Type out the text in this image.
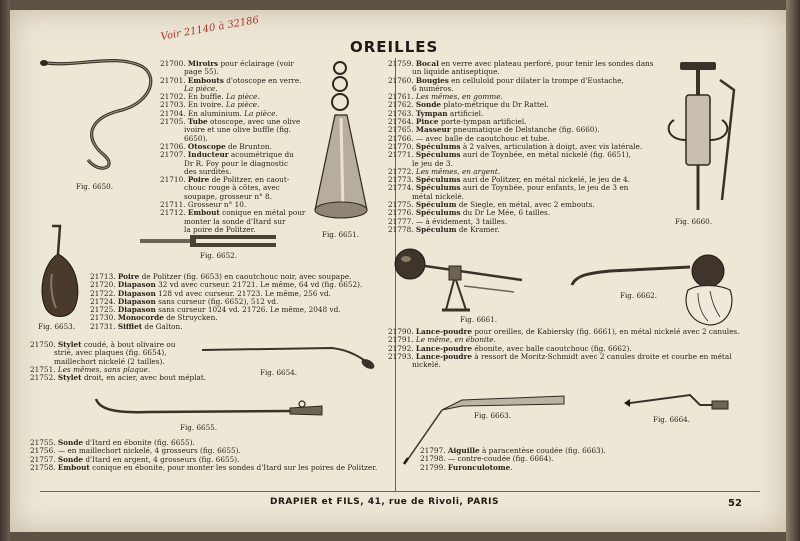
OREILLES
Voir 21140 à 32186
21700. Miroirs pour éclairage (voir
page 55).
21701. Embouts d'otoscope en verre.
La pièce.
21702. En buffle. La pièce.
21703. En ivoire. La pièce.
21704. En aluminium. La pièce.
21705. Tube otoscope, avec une olive
ivoire et une olive buffle (fig.
6650).
21706. Otoscope de Brunton.
21707. Inducteur acoumétrique du
Dr R. Foy pour le diagnostic
des surdités.
21710. Poire de Politzer, en caout-
chouc rouge à côtes, avec
soupape, grosseur n° 8.
21711. Grosseur n° 10.
21712. Embout conique en métal pour
monter la sonde d'Itard sur
la poire de Politzer.
21713. Poire de Politzer (fig. 6653) en caoutchouc noir, avec soupape.
21720. Diapason 32 vd avec curseur. 21721. Le même, 64 vd (fig. 6652).
21722. Diapason 128 vd avec curseur. 21723. Le même, 256 vd.
21724. Diapason sans curseur (fig. 6652), 512 vd.
21725. Diapason sans curseur 1024 vd. 21726. Le même, 2048 vd.
21730. Monocorde de Struycken.
21731. Sifflet de Galton.
21750. Stylet coudé, à bout olivaire ou
strié, avec plaques (fig. 6654),
maillechort nickelé (2 tailles).
21751. Les mêmes, sans plaque.
21752. Stylet droit, en acier, avec bout méplat.
21755. Sonde d'Itard en ébonite (fig. 6655).
21756. — en maillechort nickelé, 4 grosseurs (fig. 6655).
21757. Sonde d'Itard en argent, 4 grosseurs (fig. 6655).
21758. Embout conique en ébonite, pour monter les sondes d'Itard sur les poires de Politzer.
21759. Bocal en verre avec plateau perforé, pour tenir les sondes dans
un liquide antiseptique.
21760. Bougies en celluloïd pour dilater la trompe d'Eustache,
6 numéros.
21761. Les mêmes, en gomme.
21762. Sonde plato-métrique du Dr Rattel.
21763. Tympan artificiel.
21764. Pince porte-tympan artificiel.
21765. Masseur pneumatique de Delstanche (fig. 6660).
21766. — avec balle de caoutchouc et tube.
21770. Spéculums à 2 valves, articulation à doigt, avec vis latérale.
21771. Spéculums auri de Toynbée, en métal nickelé (fig. 6651),
le jeu de 3.
21772. Les mêmes, en argent.
21773. Spéculums auri de Politzer, en métal nickelé, le jeu de 4.
21774. Spéculums auri de Toynbée, pour enfants, le jeu de 3 en
métal nickelé.
21775. Spéculum de Siegle, en métal, avec 2 embouts.
21776. Spéculums du Dr Le Mée, 6 tailles.
21777. — à évidement, 3 tailles.
21778. Spéculum de Kramer.
21790. Lance-poudre pour oreilles, de Kabiersky (fig. 6661), en métal nickelé avec 2 canules.
21791. Le même, en ébonite.
21792. Lance-poudre ébonite, avec balle caoutchouc (fig. 6662).
21793. Lance-poudre à ressort de Moritz-Schmidt avec 2 canules droite et courbe en métal
nickelé.
21797. Aiguille à paracentèse coudée (fig. 6663).
21798. — contre-coudée (fig. 6664).
21799. Furonculotome.
Fig. 6650.
Fig. 6651.
Fig. 6652.
Fig. 6653.
Fig. 6654.
Fig. 6655.
Fig. 6660.
Fig. 6661.
Fig. 6662.
Fig. 6663.	Fig. 6664.
DRAPIER et FILS, 41, rue de Rivoli, PARIS	52
